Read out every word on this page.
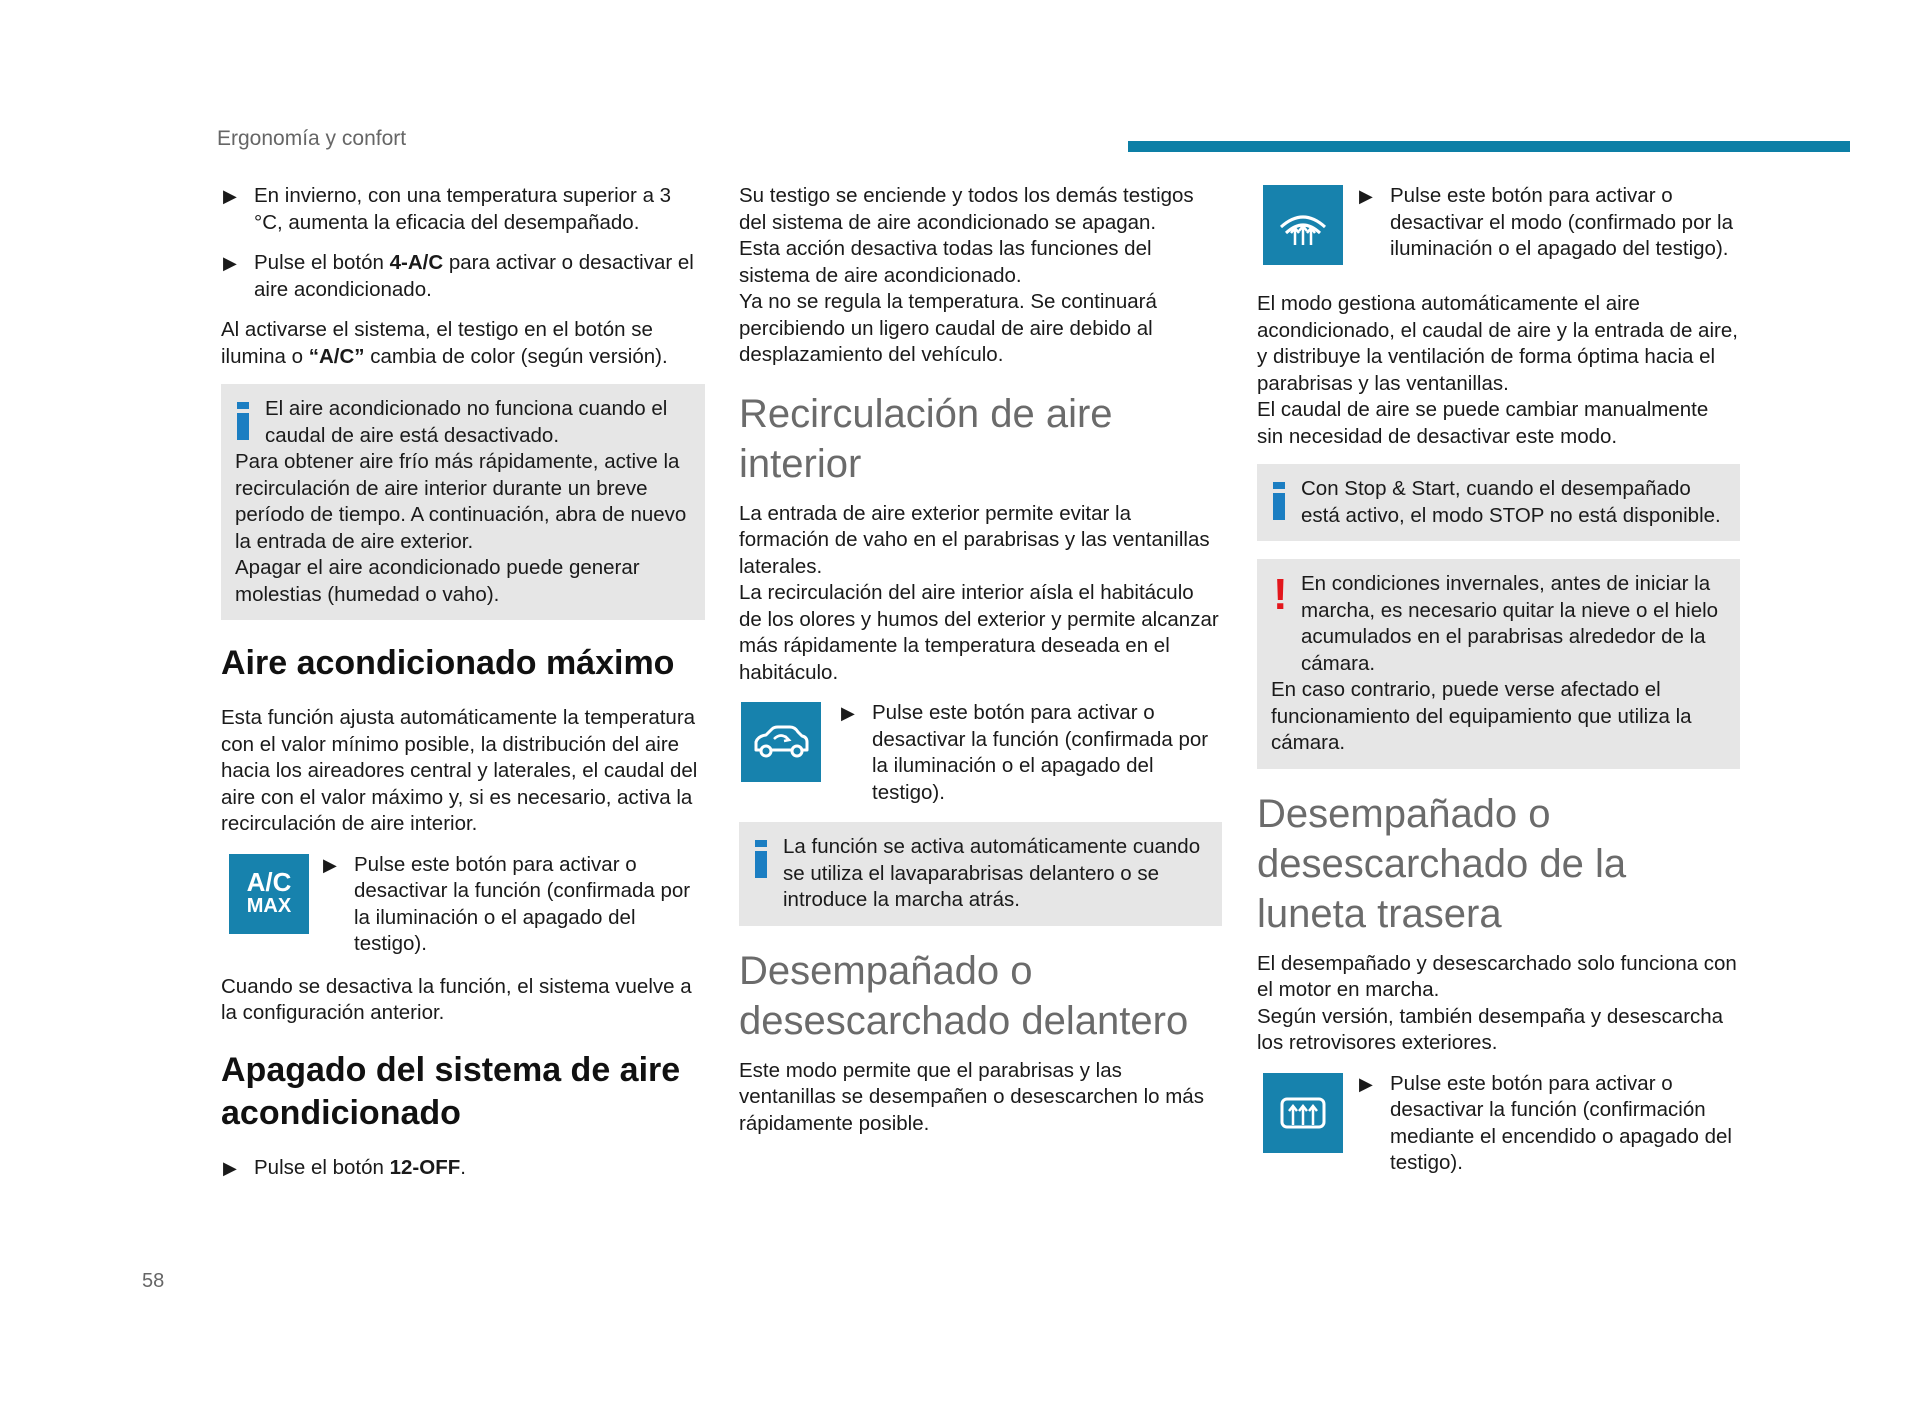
Ergonomía y confort
58
▶ En invierno, con una temperatura superior a 3 °C, aumenta la eficacia del desempañado.
▶ Pulse el botón 4-A/C para activar o desactivar el aire acondicionado.

Al activarse el sistema, el testigo en el botón se ilumina o “A/C” cambia de color (según versión).

El aire acondicionado no funciona cuando el caudal de aire está desactivado.
Para obtener aire frío más rápidamente, active la recirculación de aire interior durante un breve período de tiempo. A continuación, abra de nuevo la entrada de aire exterior.
Apagar el aire acondicionado puede generar molestias (humedad o vaho).
Aire acondicionado máximo

Esta función ajusta automáticamente la temperatura con el valor mínimo posible, la distribución del aire hacia los aireadores central y laterales, el caudal del aire con el valor máximo y, si es necesario, activa la recirculación de aire interior.

A/C
MAX
▶ Pulse este botón para activar o desactivar la función (confirmada por la iluminación o el apagado del testigo).

Cuando se desactiva la función, el sistema vuelve a la configuración anterior.

Apagado del sistema de aire acondicionado
▶ Pulse el botón 12-OFF.
Su testigo se enciende y todos los demás testigos del sistema de aire acondicionado se apagan.
Esta acción desactiva todas las funciones del sistema de aire acondicionado.
Ya no se regula la temperatura. Se continuará percibiendo un ligero caudal de aire debido al desplazamiento del vehículo.
Recirculación de aire interior
La entrada de aire exterior permite evitar la formación de vaho en el parabrisas y las ventanillas laterales.
La recirculación del aire interior aísla el habitáculo de los olores y humos del exterior y permite alcanzar más rápidamente la temperatura deseada en el habitáculo.
▶ Pulse este botón para activar o desactivar la función (confirmada por la iluminación o el apagado del testigo).
La función se activa automáticamente cuando se utiliza el lavaparabrisas delantero o se introduce la marcha atrás.
Desempañado o desescarchado delantero

Este modo permite que el parabrisas y las ventanillas se desempañen o desescarchen lo más rápidamente posible.

▶ Pulse este botón para activar o desactivar el modo (confirmado por la iluminación o el apagado del testigo).
El modo gestiona automáticamente el aire acondicionado, el caudal de aire y la entrada de aire, y distribuye la ventilación de forma óptima hacia el parabrisas y las ventanillas.
El caudal de aire se puede cambiar manualmente sin necesidad de desactivar este modo.
Con Stop & Start, cuando el desempañado está activo, el modo STOP no está disponible.
! En condiciones invernales, antes de iniciar la marcha, es necesario quitar la nieve o el hielo acumulados en el parabrisas alrededor de la cámara.
En caso contrario, puede verse afectado el funcionamiento del equipamiento que utiliza la cámara.
Desempañado o desescarchado de la luneta trasera
El desempañado y desescarchado solo funciona con el motor en marcha.
Según versión, también desempaña y desescarcha los retrovisores exteriores.
▶ Pulse este botón para activar o desactivar la función (confirmación mediante el encendido o apagado del testigo).
